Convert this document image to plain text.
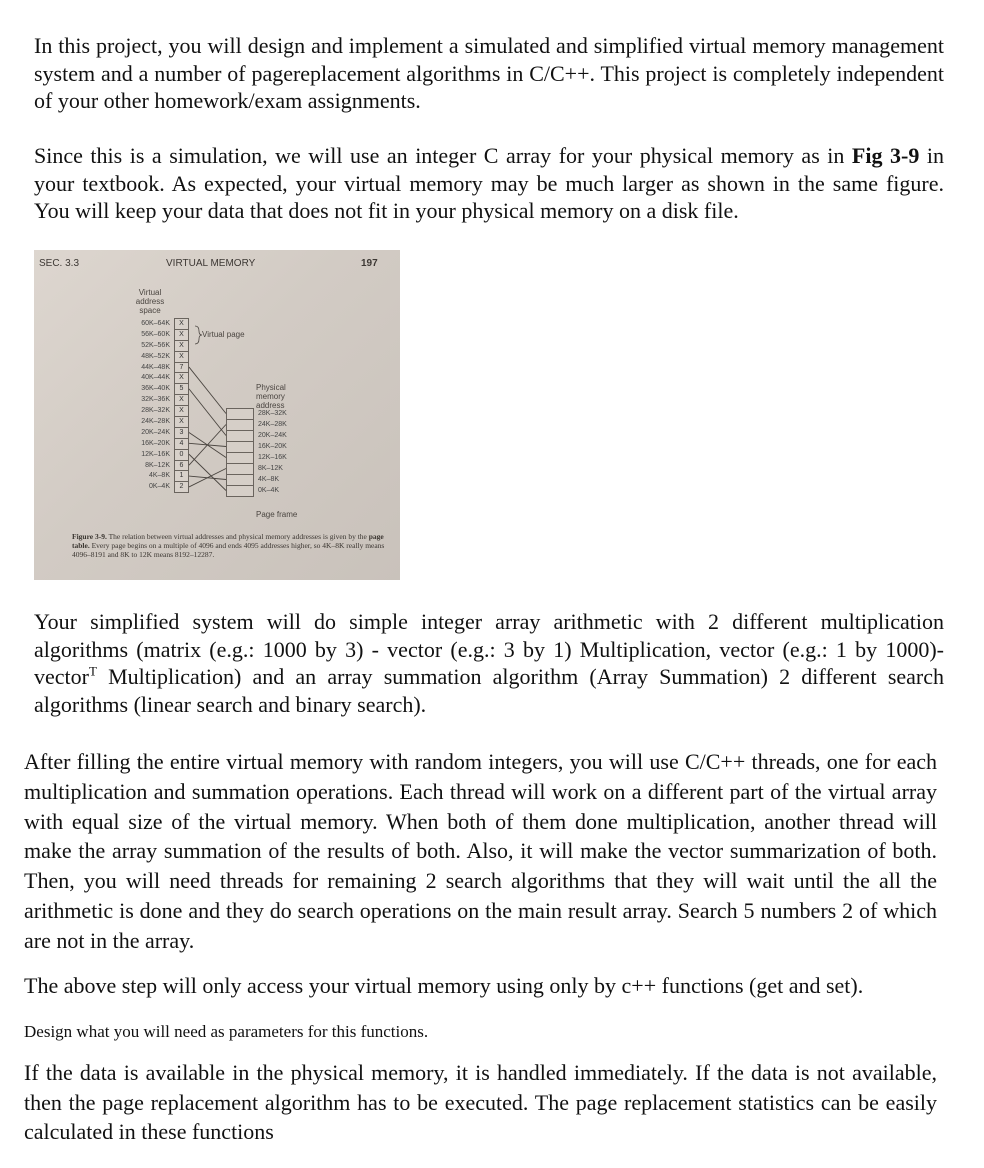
In this project, you will design and implement a simulated and simplified virtual memory management system and a number of pagereplacement algorithms in C/C++. This project is completely independent of your other homework/exam assignments.

Since this is a simulation, we will use an integer C array for your physical memory as in Fig 3-9 in your textbook. As expected, your virtual memory may be much larger as shown in the same figure. You will keep your data that does not fit in your physical memory on a disk file.

SEC. 3.3	VIRTUAL MEMORY	197
Virtual address space
Virtual page
Physical memory address
Page frame
60K–64K	X
56K–60K	X
52K–56K	X
48K–52K	X
44K–48K	7
40K–44K	X
36K–40K	5
32K–36K	X
28K–32K	X
24K–28K	X
20K–24K	3
16K–20K	4
12K–16K	0
8K–12K	6
4K–8K	1
0K–4K	2
28K–32K
24K–28K
20K–24K
16K–20K
12K–16K
8K–12K
4K–8K
0K–4K
Figure 3-9. The relation between virtual addresses and physical memory addresses is given by the page table. Every page begins on a multiple of 4096 and ends 4095 addresses higher, so 4K–8K really means 4096–8191 and 8K to 12K means 8192–12287.

Your simplified system will do simple integer array arithmetic with 2 different multiplication algorithms (matrix (e.g.: 1000 by 3) - vector (e.g.: 3 by 1) Multiplication, vector (e.g.: 1 by 1000)-vector$^T$ Multiplication) and an array summation algorithm (Array Summation) 2 different search algorithms (linear search and binary search).

After filling the entire virtual memory with random integers, you will use C/C++ threads, one for each multiplication and summation operations. Each thread will work on a different part of the virtual array with equal size of the virtual memory. When both of them done multiplication, another thread will make the array summation of the results of both. Also, it will make the vector summarization of both. Then, you will need threads for remaining 2 search algorithms that they will wait until the all the arithmetic is done and they do search operations on the main result array. Search 5 numbers 2 of which are not in the array.

The above step will only access your virtual memory using only by c++ functions (get and set).

Design what you will need as parameters for this functions.

If the data is available in the physical memory, it is handled immediately. If the data is not available, then the page replacement algorithm has to be executed. The page replacement statistics can be easily calculated in these functions
